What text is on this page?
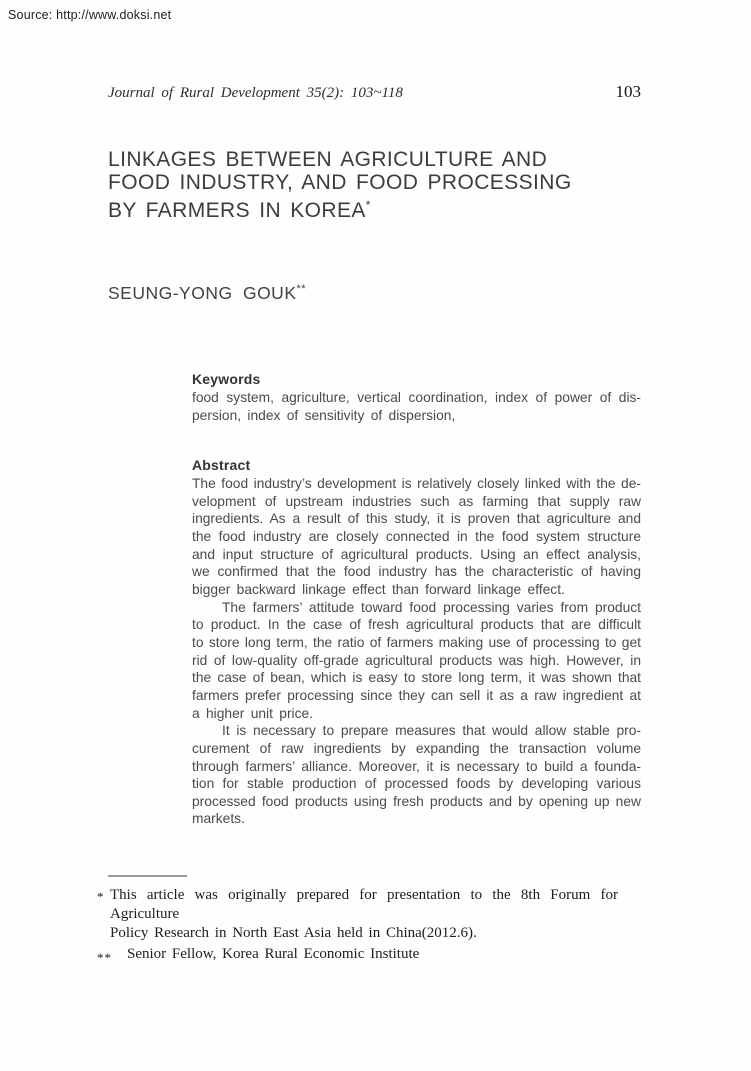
Source: http://www.doksi.net
Journal of Rural Development 35(2): 103~118	103
LINKAGES BETWEEN AGRICULTURE AND
FOOD INDUSTRY, AND FOOD PROCESSING
BY FARMERS IN KOREA*
SEUNG-YONG GOUK**
Keywords
food system, agriculture, vertical coordination, index of power of dis-
persion, index of sensitivity of dispersion,
Abstract
The food industry’s development is relatively closely linked with the de-
velopment of upstream industries such as farming that supply raw
ingredients. As a result of this study, it is proven that agriculture and
the food industry are closely connected in the food system structure
and input structure of agricultural products. Using an effect analysis,
we confirmed that the food industry has the characteristic of having
bigger backward linkage effect than forward linkage effect.
The farmers’ attitude toward food processing varies from product
to product. In the case of fresh agricultural products that are difficult
to store long term, the ratio of farmers making use of processing to get
rid of low-quality off-grade agricultural products was high. However, in
the case of bean, which is easy to store long term, it was shown that
farmers prefer processing since they can sell it as a raw ingredient at
a higher unit price.
It is necessary to prepare measures that would allow stable pro-
curement of raw ingredients by expanding the transaction volume
through farmers’ alliance. Moreover, it is necessary to build a founda-
tion for stable production of processed foods by developing various
processed food products using fresh products and by opening up new
markets.
* This article was originally prepared for presentation to the 8th Forum for Agriculture
Policy Research in North East Asia held in China(2012.6).
**	Senior Fellow, Korea Rural Economic Institute
